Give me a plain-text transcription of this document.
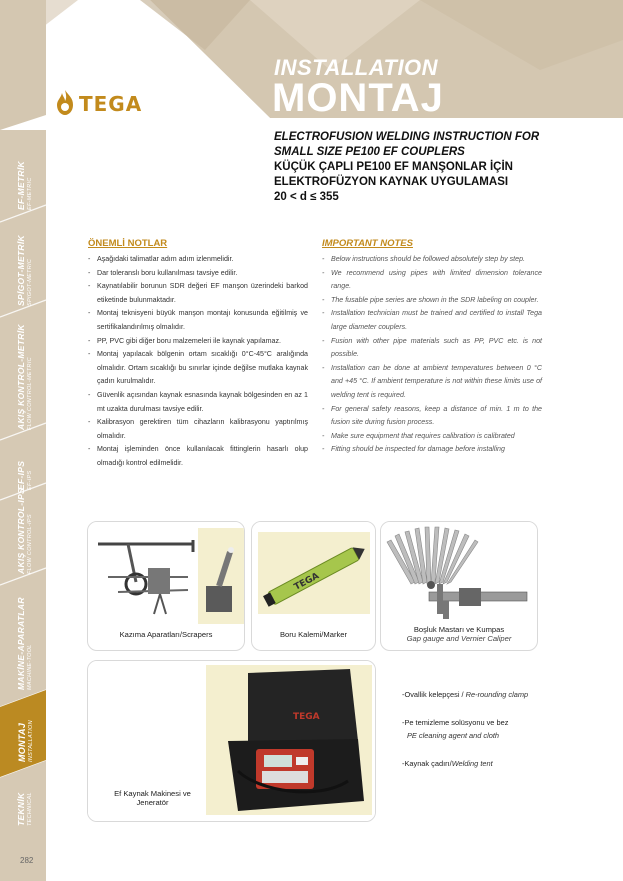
EF-METRİK EF-METRIC
SPİGOT-METRİK SPIGOT-METRIC
AKIŞ KONTROL-METRİK FLOW CONTROL-METRIC
EF-IPS EF-IPS
AKIŞ KONTROL-IPS FLOW CONTROL-IPS
MAKİNE-APARATLAR MACHINE-TOOL
MONTAJ INSTALLATION
TEKNİK TECHNICAL
282
TEGA
INSTALLATION
MONTAJ
ELECTROFUSION WELDING INSTRUCTION FOR
SMALL SIZE PE100 EF COUPLERS
KÜÇÜK ÇAPLI PE100 EF MANŞONLAR İÇİN
ELEKTROFÜZYON KAYNAK UYGULAMASI
20 < d ≤ 355
ÖNEMLİ NOTLAR
- Aşağıdaki talimatlar adım adım izlenmelidir.
- Dar toleranslı boru kullanılması tavsiye edilir.
- Kaynatılabilir borunun SDR değeri EF manşon üzerindeki barkod etiketinde bulunmaktadır.
- Montaj teknisyeni büyük manşon montajı konusunda eğitilmiş ve sertifikalandırılmış olmalıdır.
- PP, PVC gibi diğer boru malzemeleri ile kaynak yapılamaz.
- Montaj yapılacak bölgenin ortam sıcaklığı 0°C-45°C aralığında olmalıdır. Ortam sıcaklığı bu sınırlar içinde değilse mutlaka kaynak çadırı kurulmalıdır.
- Güvenlik açısından kaynak esnasında kaynak bölgesinden en az 1 mt uzakta durulması tavsiye edilir.
- Kalibrasyon gerektiren tüm cihazların kalibrasyonu yaptırılmış olmalıdır.
- Montaj işleminden önce kullanılacak fittinglerin hasarlı olup olmadığı kontrol edilmelidir.
IMPORTANT NOTES
- Below instructions should be followed absolutely step by step.
- We recommend using pipes with limited dimension tolerance range.
- The fusable pipe series are shown in the SDR labeling on coupler.
- Installation technician must be trained and certified to install Tega large diameter couplers.
- Fusion with other pipe materials such as PP, PVC etc. is not possible.
- Installation can be done at ambient temperatures between 0 °C and +45 °C. If ambient temperature is not within these limits use of welding tent is required.
- For general safety reasons, keep a distance of min. 1 m to the fusion site during fusion process.
- Make sure equipment that requires calibration is calibrated
- Fitting should be inspected for damage before installing
Kazıma Aparatları/Scrapers
TEGA
Boru Kalemi/Marker
Boşluk Mastarı ve Kumpas
Gap gauge and Vernier Caliper
TEGA
Ef Kaynak Makinesi ve
Jeneratör
-Ovallik kelepçesi / Re-rounding clamp
-Pe temizleme solüsyonu ve bez
PE cleaning agent and cloth
-Kaynak çadırı/Welding tent
